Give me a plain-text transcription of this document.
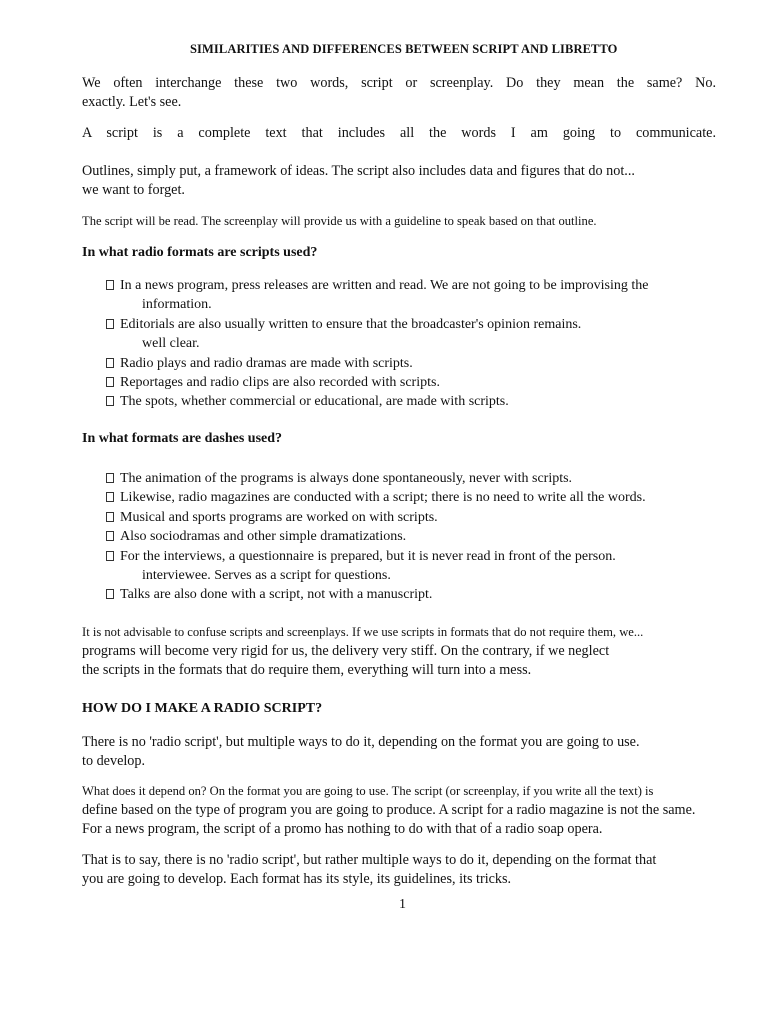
SIMILARITIES AND DIFFERENCES BETWEEN SCRIPT AND LIBRETTO
We often interchange these two words, script or screenplay. Do they mean the same? No.
exactly. Let's see.
A script is a complete text that includes all the words I am going to communicate.
Outlines, simply put, a framework of ideas. The script also includes data and figures that do not...
we want to forget.
The script will be read. The screenplay will provide us with a guideline to speak based on that outline.
In what radio formats are scripts used?
In a news program, press releases are written and read. We are not going to be improvising the
information.
Editorials are also usually written to ensure that the broadcaster's opinion remains.
well clear.
Radio plays and radio dramas are made with scripts.
Reportages and radio clips are also recorded with scripts.
The spots, whether commercial or educational, are made with scripts.
In what formats are dashes used?
The animation of the programs is always done spontaneously, never with scripts.
Likewise, radio magazines are conducted with a script; there is no need to write all the words.
Musical and sports programs are worked on with scripts.
Also sociodramas and other simple dramatizations.
For the interviews, a questionnaire is prepared, but it is never read in front of the person.
interviewee. Serves as a script for questions.
Talks are also done with a script, not with a manuscript.
It is not advisable to confuse scripts and screenplays. If we use scripts in formats that do not require them, we...
programs will become very rigid for us, the delivery very stiff. On the contrary, if we neglect
the scripts in the formats that do require them, everything will turn into a mess.
HOW DO I MAKE A RADIO SCRIPT?
There is no 'radio script', but multiple ways to do it, depending on the format you are going to use.
to develop.
What does it depend on? On the format you are going to use. The script (or screenplay, if you write all the text) is
define based on the type of program you are going to produce. A script for a radio magazine is not the same.
For a news program, the script of a promo has nothing to do with that of a radio soap opera.
That is to say, there is no 'radio script', but rather multiple ways to do it, depending on the format that
you are going to develop. Each format has its style, its guidelines, its tricks.
1
